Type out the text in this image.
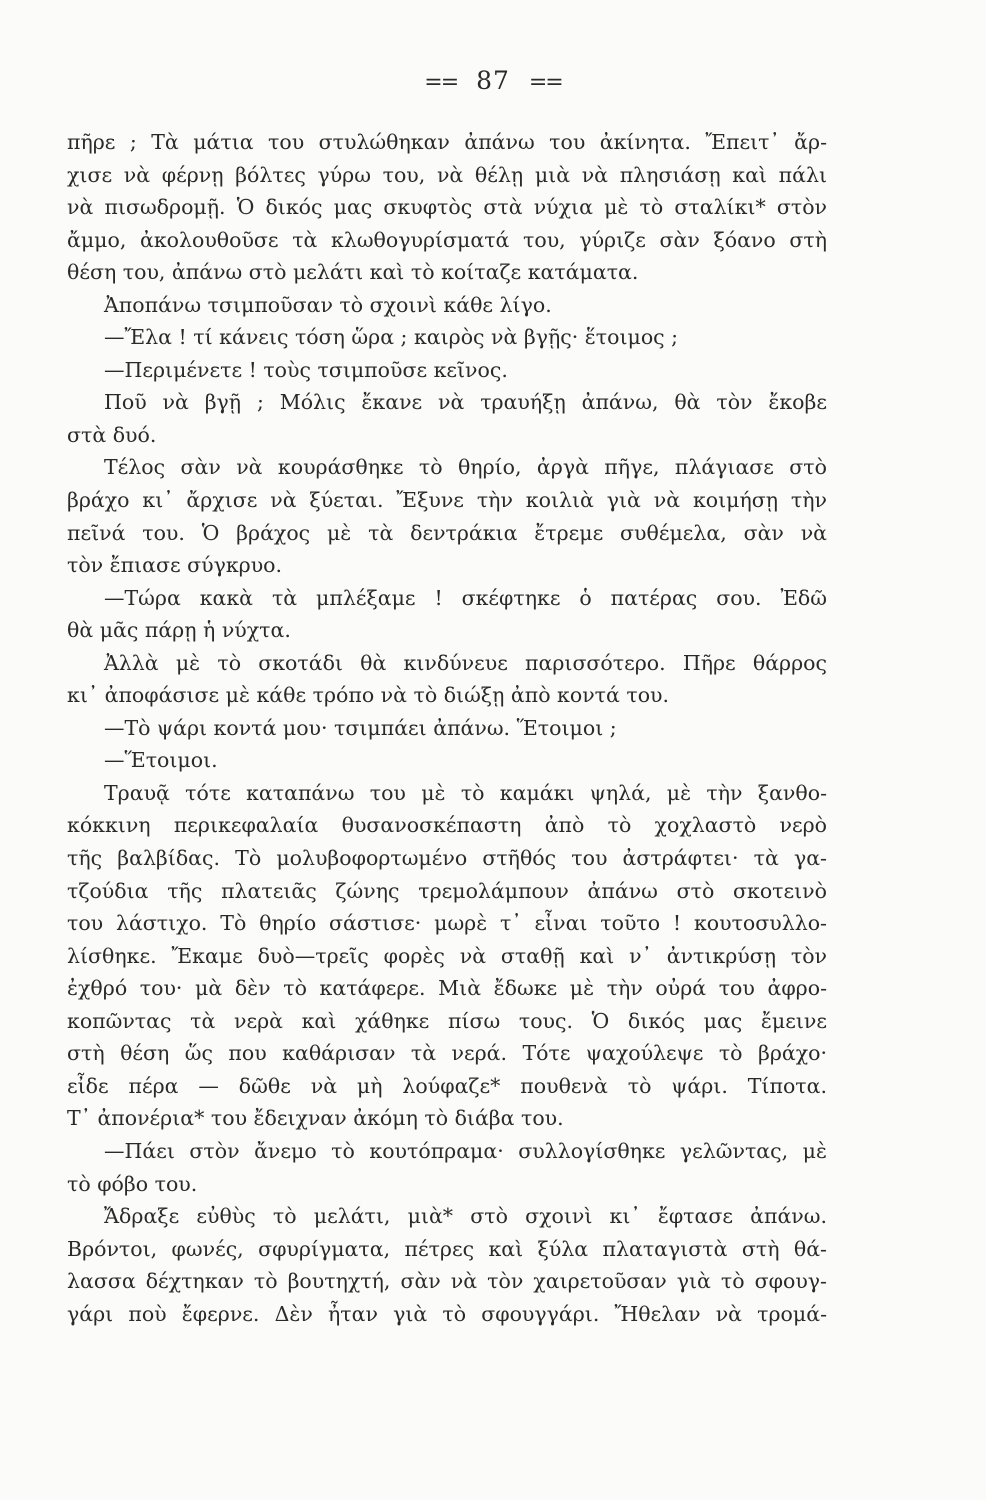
== 87 ==
πῆρε ; Τὰ μάτια του στυλώθηκαν ἀπάνω του ἀκίνητα. Ἔπειτ᾿ ἄρ-
χισε νὰ φέρνῃ βόλτες γύρω του, νὰ θέλῃ μιὰ νὰ πλησιάσῃ καὶ πάλι
νὰ πισωδρομῇ. Ὁ δικός μας σκυφτὸς στὰ νύχια μὲ τὸ σταλίκι* στὸν
ἄμμο, ἀκολουθοῦσε τὰ κλωθογυρίσματά του, γύριζε σὰν ξόανο στὴ
θέση του, ἀπάνω στὸ μελάτι καὶ τὸ κοίταζε κατάματα.
Ἀποπάνω τσιμποῦσαν τὸ σχοινὶ κάθε λίγο.
—Ἔλα ! τί κάνεις τόση ὥρα ; καιρὸς νὰ βγῇς· ἕτοιμος ;
—Περιμένετε ! τοὺς τσιμποῦσε κεῖνος.
Ποῦ νὰ βγῇ ; Μόλις ἔκανε νὰ τραυήξῃ ἀπάνω, θὰ τὸν ἔκοβε
στὰ δυό.
Τέλος σὰν νὰ κουράσθηκε τὸ θηρίο, ἀργὰ πῆγε, πλάγιασε στὸ
βράχο κι᾿ ἄρχισε νὰ ξύεται. Ἔξυνε τὴν κοιλιὰ γιὰ νὰ κοιμήσῃ τὴν
πεῖνά του. Ὁ βράχος μὲ τὰ δεντράκια ἔτρεμε συθέμελα, σὰν νὰ
τὸν ἔπιασε σύγκρυο.
—Τώρα κακὰ τὰ μπλέξαμε ! σκέφτηκε ὁ πατέρας σου. Ἐδῶ
θὰ μᾶς πάρῃ ἡ νύχτα.
Ἀλλὰ μὲ τὸ σκοτάδι θὰ κινδύνευε παρισσότερο. Πῆρε θάρρος
κι᾿ ἀποφάσισε μὲ κάθε τρόπο νὰ τὸ διώξῃ ἀπὸ κοντά του.
—Τὸ ψάρι κοντά μου· τσιμπάει ἀπάνω. Ἕτοιμοι ;
—Ἕτοιμοι.
Τραυᾷ τότε καταπάνω του μὲ τὸ καμάκι ψηλά, μὲ τὴν ξανθο-
κόκκινη περικεφαλαία θυσανοσκέπαστη ἀπὸ τὸ χοχλαστὸ νερὸ
τῆς βαλβίδας. Τὸ μολυβοφορτωμένο στῆθός του ἀστράφτει· τὰ γα-
τζούδια τῆς πλατειᾶς ζώνης τρεμολάμπουν ἀπάνω στὸ σκοτεινὸ
του λάστιχο. Τὸ θηρίο σάστισε· μωρὲ τ᾿ εἶναι τοῦτο ! κουτοσυλλο-
λίσθηκε. Ἔκαμε δυὸ—τρεῖς φορὲς νὰ σταθῇ καὶ ν᾿ ἀντικρύσῃ τὸν
ἐχθρό του· μὰ δὲν τὸ κατάφερε. Μιὰ ἔδωκε μὲ τὴν οὐρά του ἀφρο-
κοπῶντας τὰ νερὰ καὶ χάθηκε πίσω τους. Ὁ δικός μας ἔμεινε
στὴ θέση ὥς που καθάρισαν τὰ νερά. Τότε ψαχούλεψε τὸ βράχο·
εἶδε πέρα — δῶθε νὰ μὴ λούφαζε* πουθενὰ τὸ ψάρι. Τίποτα.
Τ᾿ ἀπονέρια* του ἔδειχναν ἀκόμη τὸ διάβα του.
—Πάει στὸν ἄνεμο τὸ κουτόπραμα· συλλογίσθηκε γελῶντας, μὲ
τὸ φόβο του.
Ἄδραξε εὐθὺς τὸ μελάτι, μιὰ* στὸ σχοινὶ κι᾿ ἔφτασε ἀπάνω.
Βρόντοι, φωνές, σφυρίγματα, πέτρες καὶ ξύλα πλαταγιστὰ στὴ θά-
λασσα δέχτηκαν τὸ βουτηχτή, σὰν νὰ τὸν χαιρετοῦσαν γιὰ τὸ σφουγ-
γάρι ποὺ ἔφερνε. Δὲν ἦταν γιὰ τὸ σφουγγάρι. Ἤθελαν νὰ τρομά-
